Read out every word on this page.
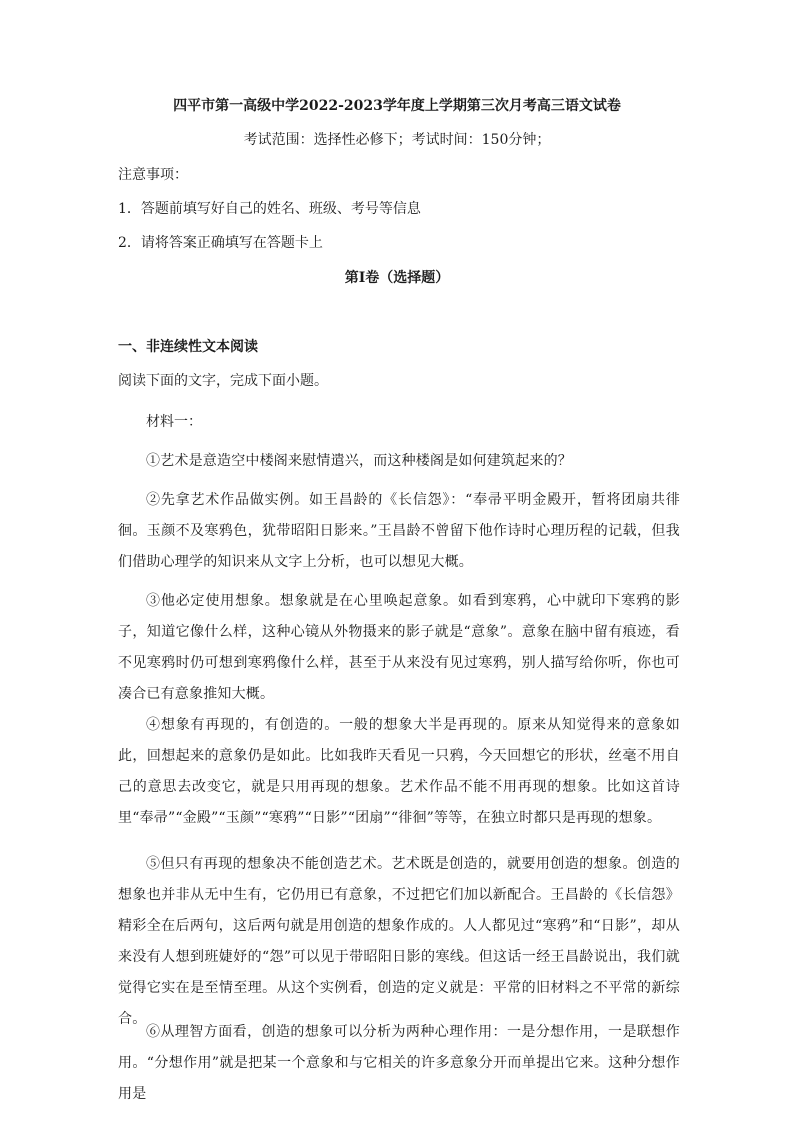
四平市第一高级中学2022-2023学年度上学期第三次月考高三语文试卷
考试范围：选择性必修下；考试时间：150分钟；
注意事项：
1．答题前填写好自己的姓名、班级、考号等信息
2．请将答案正确填写在答题卡上
第I卷（选择题）
一、非连续性文本阅读
阅读下面的文字，完成下面小题。
材料一：
①艺术是意造空中楼阁来慰情遣兴，而这种楼阁是如何建筑起来的？
②先拿艺术作品做实例。如王昌龄的《长信怨》：“奉帚平明金殿开，暂将团扇共徘徊。玉颜不及寒鸦色，犹带昭阳日影来。”王昌龄不曾留下他作诗时心理历程的记载，但我们借助心理学的知识来从文字上分析，也可以想见大概。
③他必定使用想象。想象就是在心里唤起意象。如看到寒鸦，心中就印下寒鸦的影子，知道它像什么样，这种心镜从外物摄来的影子就是“意象”。意象在脑中留有痕迹，看不见寒鸦时仍可想到寒鸦像什么样，甚至于从来没有见过寒鸦，别人描写给你听，你也可凑合已有意象推知大概。
④想象有再现的，有创造的。一般的想象大半是再现的。原来从知觉得来的意象如此，回想起来的意象仍是如此。比如我昨天看见一只鸦，今天回想它的形状，丝毫不用自己的意思去改变它，就是只用再现的想象。艺术作品不能不用再现的想象。比如这首诗里“奉帚”“金殿”“玉颜”“寒鸦”“日影”“团扇”“徘徊”等等，在独立时都只是再现的想象。
⑤但只有再现的想象决不能创造艺术。艺术既是创造的，就要用创造的想象。创造的想象也并非从无中生有，它仍用已有意象，不过把它们加以新配合。王昌龄的《长信怨》精彩全在后两句，这后两句就是用创造的想象作成的。人人都见过“寒鸦”和“日影”，却从来没有人想到班婕妤的“怨”可以见于带昭阳日影的寒线。但这话一经王昌龄说出，我们就觉得它实在是至情至理。从这个实例看，创造的定义就是：平常的旧材料之不平常的新综合。
⑥从理智方面看，创造的想象可以分析为两种心理作用：一是分想作用，一是联想作用。“分想作用”就是把某一个意象和与它相关的许多意象分开而单提出它来。这种分想作用是
